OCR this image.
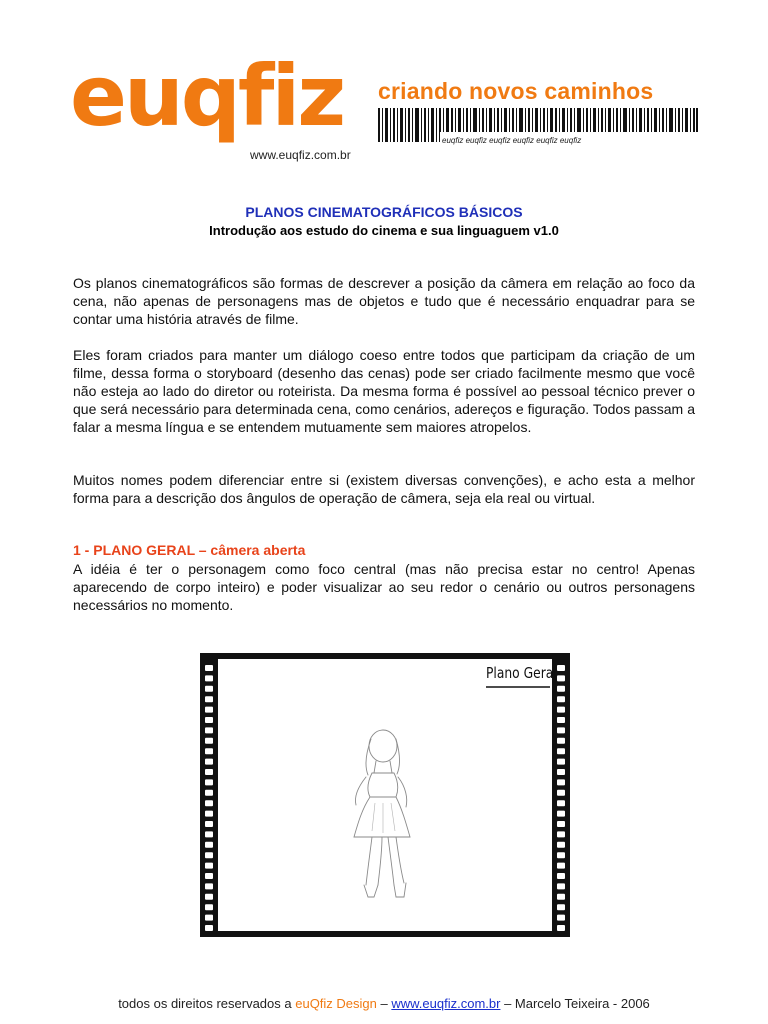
euqfiz
www.euqfiz.com.br
criando novos caminhos
euqfiz euqfiz euqfiz euqfiz euqfiz euqfiz

PLANOS CINEMATOGRÁFICOS BÁSICOS

Introdução aos estudo do cinema e sua linguaguem v1.0

Os planos cinematográficos são formas de descrever a posição da câmera em relação ao foco da cena, não apenas de personagens mas de objetos e tudo que é necessário enquadrar para se contar uma história através de filme.

Eles foram criados para manter um diálogo coeso entre todos que participam da criação de um filme, dessa forma o storyboard (desenho das cenas) pode ser criado facilmente mesmo que você não esteja ao lado do diretor ou roteirista. Da mesma forma é possível ao pessoal técnico prever o que será necessário para determinada cena, como cenários, adereços e figuração. Todos passam a falar a mesma língua e se entendem mutuamente sem maiores atropelos.

Muitos nomes podem diferenciar entre si (existem diversas convenções), e acho esta a melhor forma para a descrição dos ângulos de operação de câmera, seja ela real ou virtual.

1 - PLANO GERAL – câmera aberta

A idéia é ter o personagem como foco central (mas não precisa estar no centro! Apenas aparecendo de corpo inteiro) e poder visualizar ao seu redor o cenário ou outros personagens necessários no momento.

Plano Geral
todos os direitos reservados a euQfiz Design – www.euqfiz.com.br – Marcelo Teixeira - 2006
